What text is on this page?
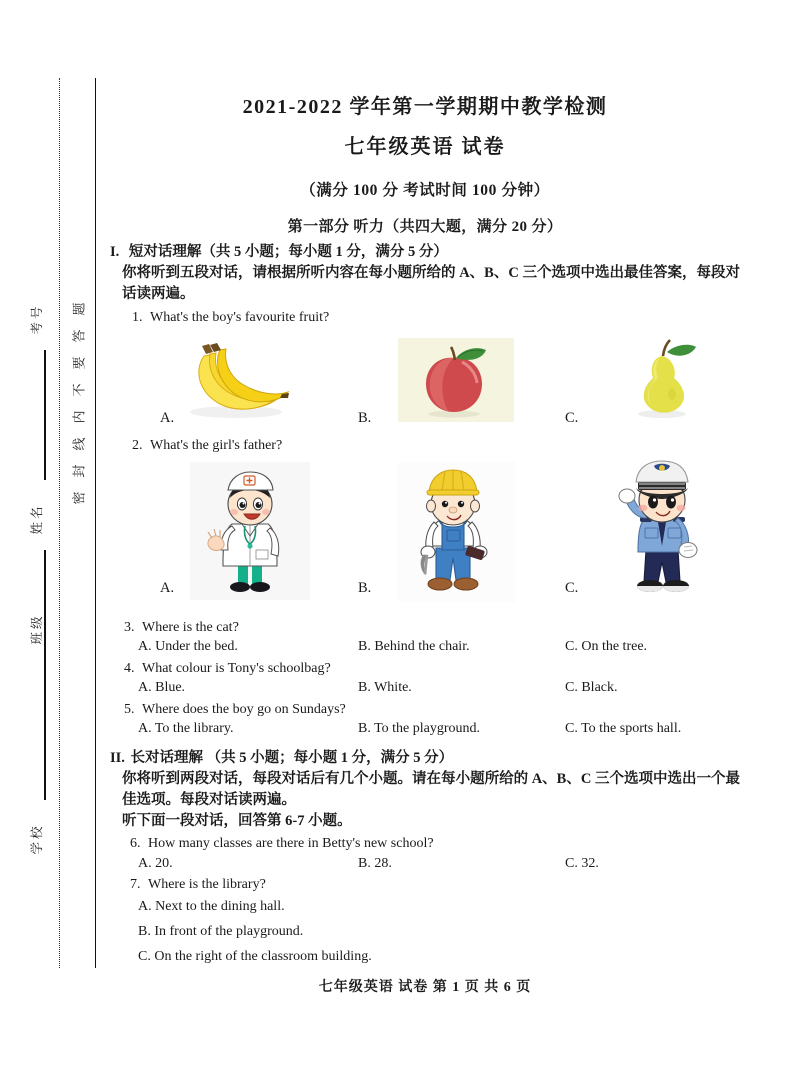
考号
姓名
班级
学校
密封线内不要答题
2021-2022 学年第一学期期中教学检测
七年级英语 试卷
（满分 100 分 考试时间 100 分钟）
第一部分 听力（共四大题，满分 20 分）
I. 短对话理解（共 5 小题；每小题 1 分，满分 5 分）
你将听到五段对话，请根据所听内容在每小题所给的 A、B、C 三个选项中选出最佳答案，每段对话读两遍。
1. What's the boy's favourite fruit?
A.	B.	C.
2. What's the girl's father?
A.	B.	C.
3. Where is the cat?
A. Under the bed.	B. Behind the chair.	C. On the tree.
4. What colour is Tony's schoolbag?
A. Blue.	B. White.	C. Black.
5. Where does the boy go on Sundays?
A. To the library.	B. To the playground.	C. To the sports hall.
II. 长对话理解 （共 5 小题；每小题 1 分，满分 5 分）
你将听到两段对话，每段对话后有几个小题。请在每小题所给的 A、B、C 三个选项中选出一个最佳选项。每段对话读两遍。
听下面一段对话，回答第 6-7 小题。
6. How many classes are there in Betty's new school?
A. 20.	B. 28.	C. 32.
7. Where is the library?
A. Next to the dining hall.
B. In front of the playground.
C. On the right of the classroom building.
七年级英语 试卷 第 1 页 共 6 页
